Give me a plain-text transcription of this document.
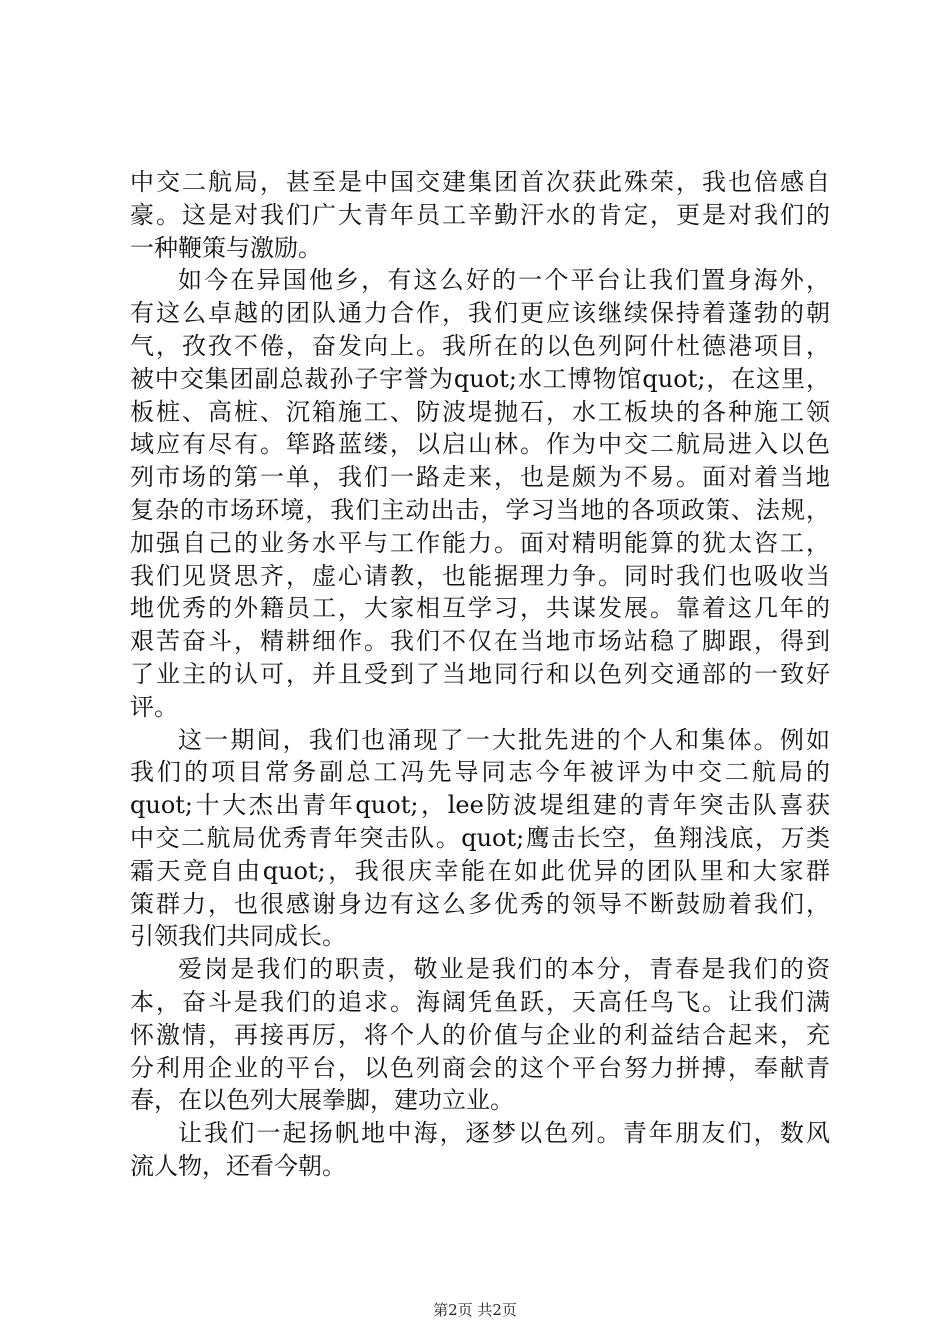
中交二航局，甚至是中国交建集团首次获此殊荣，我也倍感自
豪。这是对我们广大青年员工辛勤汗水的肯定，更是对我们的
一种鞭策与激励。
如今在异国他乡，有这么好的一个平台让我们置身海外，
有这么卓越的团队通力合作，我们更应该继续保持着蓬勃的朝
气，孜孜不倦，奋发向上。我所在的以色列阿什杜德港项目，
被中交集团副总裁孙子宇誉为quot;水工博物馆quot;，在这里，
板桩、高桩、沉箱施工、防波堤抛石，水工板块的各种施工领
域应有尽有。筚路蓝缕，以启山林。作为中交二航局进入以色
列市场的第一单，我们一路走来，也是颇为不易。面对着当地
复杂的市场环境，我们主动出击，学习当地的各项政策、法规，
加强自己的业务水平与工作能力。面对精明能算的犹太咨工，
我们见贤思齐，虚心请教，也能据理力争。同时我们也吸收当
地优秀的外籍员工，大家相互学习，共谋发展。靠着这几年的
艰苦奋斗，精耕细作。我们不仅在当地市场站稳了脚跟，得到
了业主的认可，并且受到了当地同行和以色列交通部的一致好
评。
这一期间，我们也涌现了一大批先进的个人和集体。例如
我们的项目常务副总工冯先导同志今年被评为中交二航局的
quot;十大杰出青年quot;，lee防波堤组建的青年突击队喜获
中交二航局优秀青年突击队。quot;鹰击长空，鱼翔浅底，万类
霜天竞自由quot;，我很庆幸能在如此优异的团队里和大家群
策群力，也很感谢身边有这么多优秀的领导不断鼓励着我们，
引领我们共同成长。
爱岗是我们的职责，敬业是我们的本分，青春是我们的资
本，奋斗是我们的追求。海阔凭鱼跃，天高任鸟飞。让我们满
怀激情，再接再厉，将个人的价值与企业的利益结合起来，充
分利用企业的平台，以色列商会的这个平台努力拼搏，奉献青
春，在以色列大展拳脚，建功立业。
让我们一起扬帆地中海，逐梦以色列。青年朋友们，数风
流人物，还看今朝。
第2页 共2页
